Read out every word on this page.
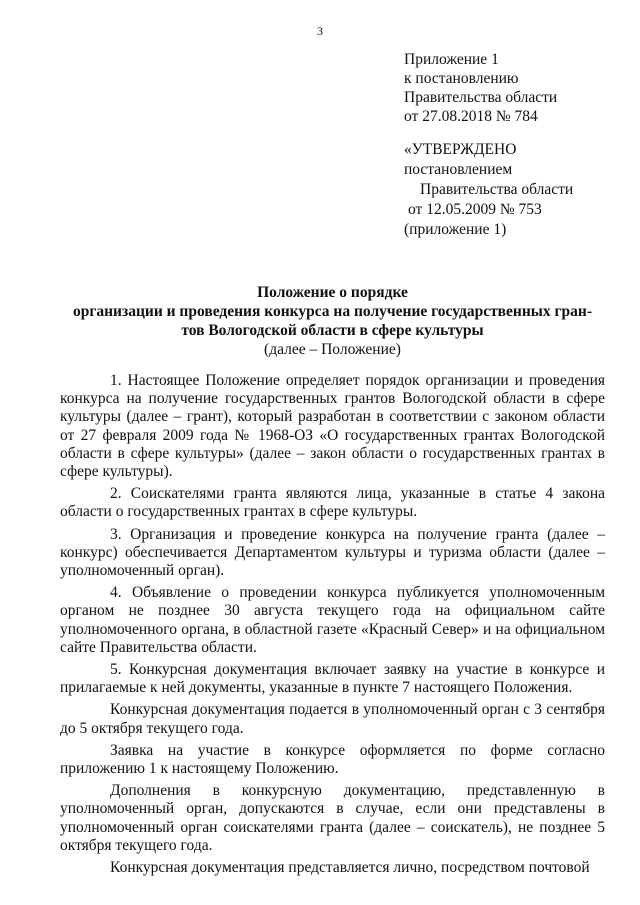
3
Приложение 1
к постановлению
Правительства области
от 27.08.2018 № 784
«УТВЕРЖДЕНО
постановлением
Правительства области
от 12.05.2009 № 753
(приложение 1)
Положение о порядке
организации и проведения конкурса на получение государственных гран-
тов Вологодской области в сфере культуры
(далее – Положение)

1. Настоящее Положение определяет порядок организации и проведения конкурса на получение государственных грантов Вологодской области в сфере культуры (далее – грант), который разработан в соответствии с законом области от 27 февраля 2009 года № 1968-ОЗ «О государственных грантах Вологодской области в сфере культуры» (далее – закон области о государственных грантах в сфере культуры).

2. Соискателями гранта являются лица, указанные в статье 4 закона области о государственных грантах в сфере культуры.

3. Организация и проведение конкурса на получение гранта (далее – конкурс) обеспечивается Департаментом культуры и туризма области (далее – уполномоченный орган).

4. Объявление о проведении конкурса публикуется уполномоченным органом не позднее 30 августа текущего года на официальном сайте уполномоченного органа, в областной газете «Красный Север» и на официальном сайте Правительства области.

5. Конкурсная документация включает заявку на участие в конкурсе и прилагаемые к ней документы, указанные в пункте 7 настоящего Положения.

Конкурсная документация подается в уполномоченный орган с 3 сентября до 5 октября текущего года.

Заявка на участие в конкурсе оформляется по форме согласно приложению 1 к настоящему Положению.

Дополнения в конкурсную документацию, представленную в уполномоченный орган, допускаются в случае, если они представлены в уполномоченный орган соискателями гранта (далее – соискатель), не позднее 5 октября текущего года.

Конкурсная документация представляется лично, посредством почтовой
